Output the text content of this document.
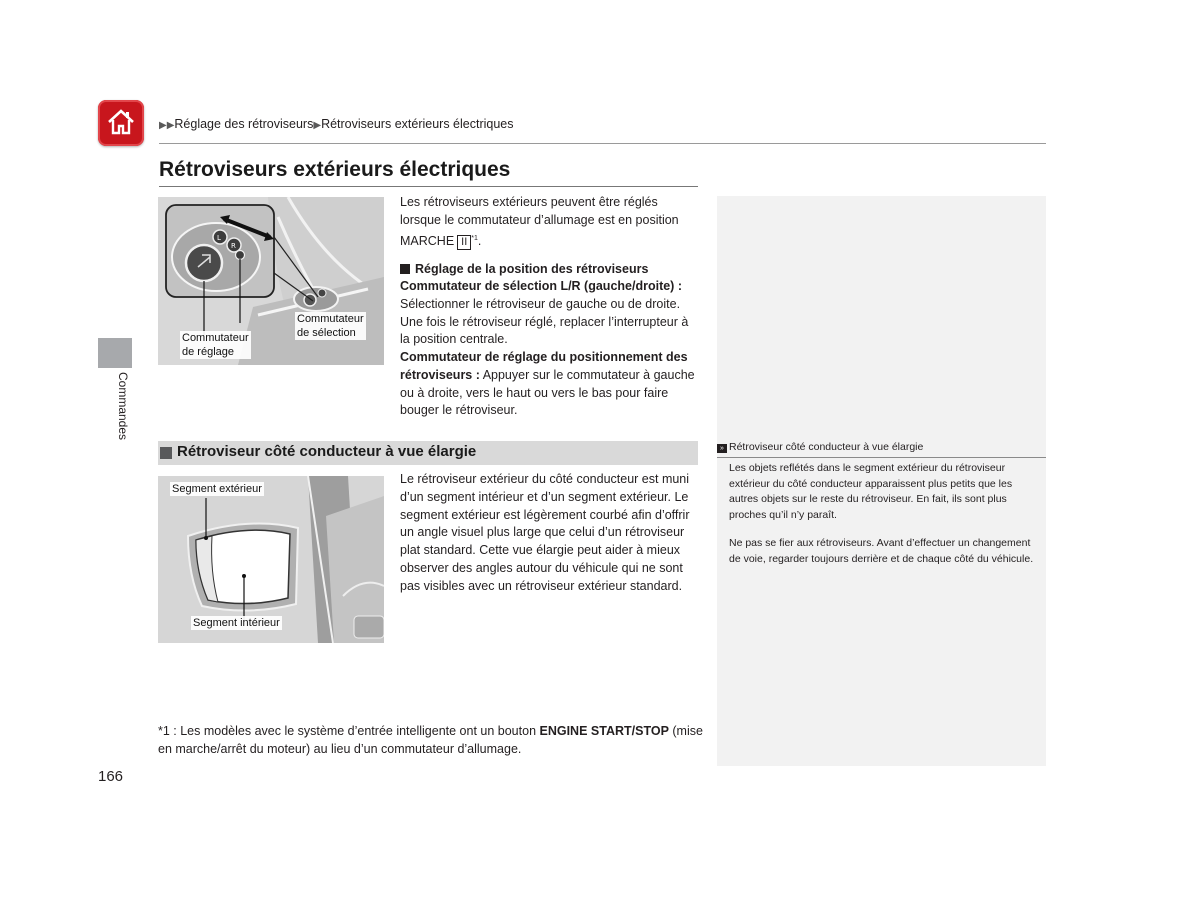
▶▶Réglage des rétroviseurs▶Rétroviseurs extérieurs électriques
Rétroviseurs extérieurs électriques
Commandes
L
R
Commutateur
de réglage
Commutateur
de sélection
Les rétroviseurs extérieurs peuvent être réglés lorsque le commutateur d’allumage est en position MARCHE II $^{*1}$.
Réglage de la position des rétroviseurs
Commutateur de sélection L/R (gauche/droite) : Sélectionner le rétroviseur de gauche ou de droite. Une fois le rétroviseur réglé, replacer l’interrupteur à la position centrale.
Commutateur de réglage du positionnement des rétroviseurs : Appuyer sur le commutateur à gauche ou à droite, vers le haut ou vers le bas pour faire bouger le rétroviseur.
Rétroviseur côté conducteur à vue élargie
Segment extérieur
Segment intérieur
Le rétroviseur extérieur du côté conducteur est muni d’un segment intérieur et d’un segment extérieur. Le segment extérieur est légèrement courbé afin d’offrir un angle visuel plus large que celui d’un rétroviseur plat standard. Cette vue élargie peut aider à mieux observer des angles autour du véhicule qui ne sont pas visibles avec un rétroviseur extérieur standard.
*1 : Les modèles avec le système d’entrée intelligente ont un bouton ENGINE START/STOP (mise en marche/arrêt du moteur) au lieu d’un commutateur d’allumage.
166
» Rétroviseur côté conducteur à vue élargie
Les objets reflétés dans le segment extérieur du rétroviseur extérieur du côté conducteur apparaissent plus petits que les autres objets sur le reste du rétroviseur. En fait, ils sont plus proches qu’il n’y paraît.
Ne pas se fier aux rétroviseurs. Avant d’effectuer un changement de voie, regarder toujours derrière et de chaque côté du véhicule.
